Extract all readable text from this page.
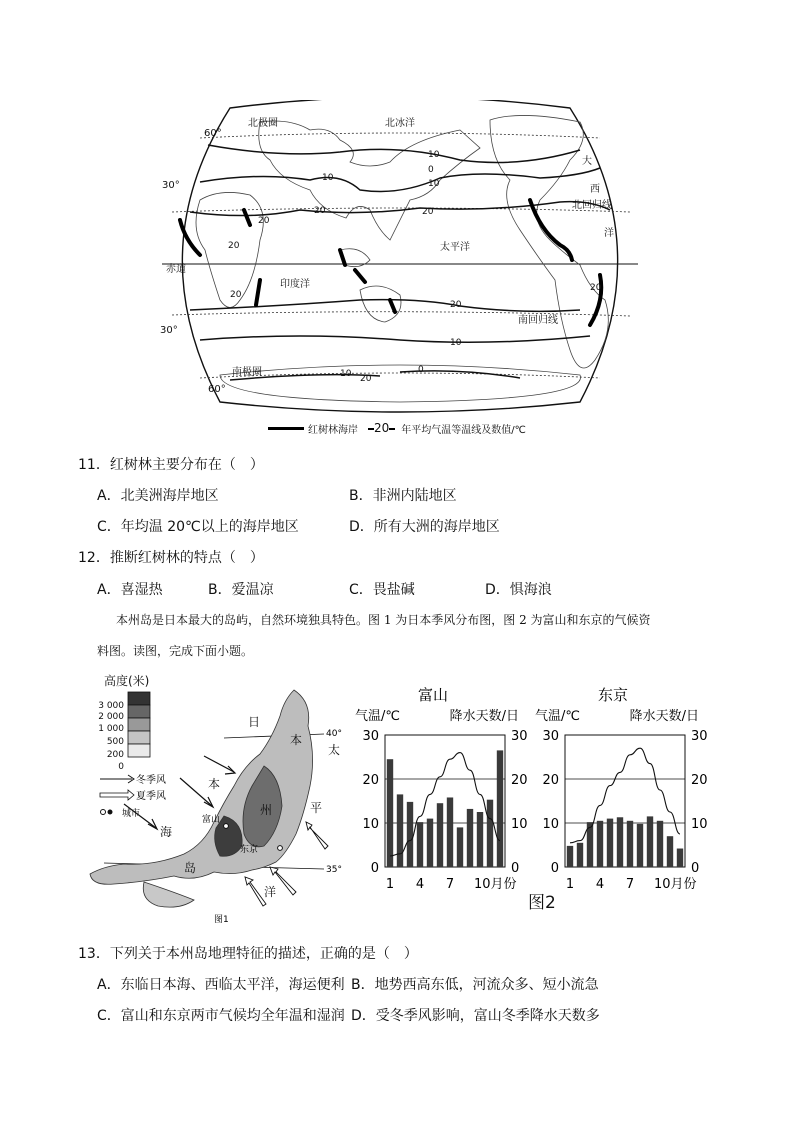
北极圈	北冰洋
太平洋
印度洋
赤道
北回归线
南回归线
南极圈
大
西
洋
60°
30°
30°
60°
10
0
10
20
20
20
20
20
20
20
10
0
10 20
10
红树林海岸	20	年平均气温等温线及数值/℃
11．红树林主要分布在（　）
A．北美洲海岸地区	B．非洲内陆地区
C．年均温 20℃以上的海岸地区	D．所有大洲的海岸地区
12．推断红树林的特点（　）
A．喜湿热	B．爱温凉	C．畏盐碱	D．惧海浪
本州岛是日本最大的岛屿，自然环境独具特色。图 1 为日本季风分布图，图 2 为富山和东京的气候资
料图。读图，完成下面小题。
高度(米)
3 000
2 000
1 000
500
200
0
冬季风
夏季风
城市
40°
35°
日
本
海
本
州
岛
太
平
洋
富山
东京
图1
富山
气温/℃	降水天数/日
0	0
10	10
20	20
30	30
1 4 7 10月份
东京
气温/℃	降水天数/日
0	0
10	10
20	20
30	30
1 4 7 10月份
图2
13．下列关于本州岛地理特征的描述，正确的是（　）
A．东临日本海、西临太平洋，海运便利 B．地势西高东低，河流众多、短小流急
C．富山和东京两市气候均全年温和湿润 D．受冬季风影响，富山冬季降水天数多
